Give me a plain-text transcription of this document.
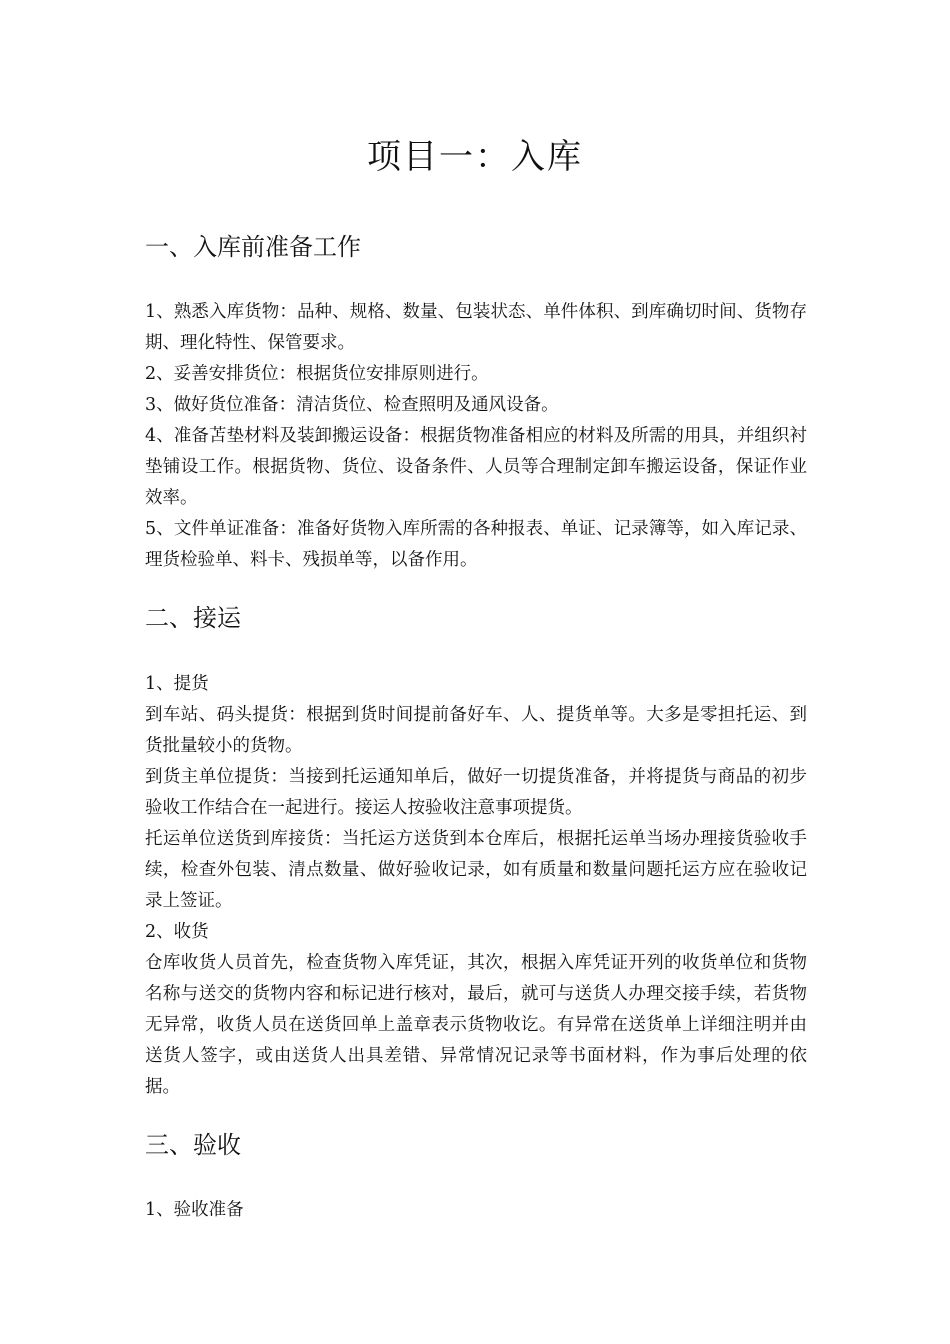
项目一：入库
一、入库前准备工作

1、熟悉入库货物：品种、规格、数量、包装状态、单件体积、到库确切时间、货物存期、理化特性、保管要求。

2、妥善安排货位：根据货位安排原则进行。

3、做好货位准备：清洁货位、检查照明及通风设备。

4、准备苫垫材料及装卸搬运设备：根据货物准备相应的材料及所需的用具，并组织衬垫铺设工作。根据货物、货位、设备条件、人员等合理制定卸车搬运设备，保证作业效率。

5、文件单证准备：准备好货物入库所需的各种报表、单证、记录簿等，如入库记录、理货检验单、料卡、残损单等，以备作用。

二、接运

1、提货

到车站、码头提货：根据到货时间提前备好车、人、提货单等。大多是零担托运、到货批量较小的货物。

到货主单位提货：当接到托运通知单后，做好一切提货准备，并将提货与商品的初步验收工作结合在一起进行。接运人按验收注意事项提货。

托运单位送货到库接货：当托运方送货到本仓库后，根据托运单当场办理接货验收手续，检查外包装、清点数量、做好验收记录，如有质量和数量问题托运方应在验收记录上签证。

2、收货

仓库收货人员首先，检查货物入库凭证，其次，根据入库凭证开列的收货单位和货物名称与送交的货物内容和标记进行核对，最后，就可与送货人办理交接手续，若货物无异常，收货人员在送货回单上盖章表示货物收讫。有异常在送货单上详细注明并由送货人签字，或由送货人出具差错、异常情况记录等书面材料，作为事后处理的依据。

三、验收

1、验收准备
